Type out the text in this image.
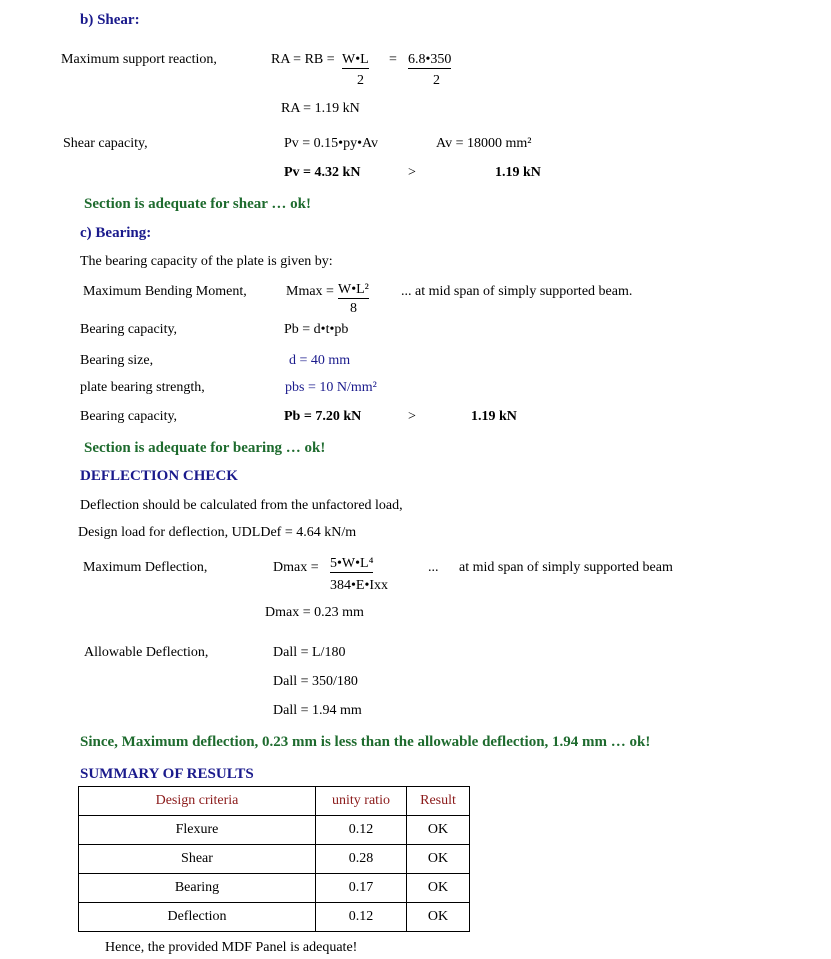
b) Shear:
Maximum support reaction,	RA = RB = W•L
2
= 6.8•350
2
RA = 1.19 kN
Shear capacity,	Pv = 0.15•py•Av	Av = 18000 mm²
Pv = 4.32 kN	>	1.19 kN
Section is adequate for shear … ok!
c) Bearing:
The bearing capacity of the plate is given by:
Maximum Bending Moment,	Mmax = W•L²
8
... at mid span of simply supported beam.
Bearing capacity,	Pb = d•t•pb
Bearing size,	d = 40 mm
plate bearing strength,	pbs = 10 N/mm²
Bearing capacity,	Pb = 7.20 kN	>	1.19 kN
Section is adequate for bearing … ok!
DEFLECTION CHECK
Deflection should be calculated from the unfactored load,
Design load for deflection, UDLDef = 4.64 kN/m
Maximum Deflection,	Dmax = 5•W•L⁴
384•E•Ixx
... at mid span of simply supported beam
Dmax = 0.23 mm
Allowable Deflection,	Dall = L/180
Dall = 350/180
Dall = 1.94 mm
Since, Maximum deflection, 0.23 mm is less than the allowable deflection, 1.94 mm … ok!
SUMMARY OF RESULTS
Design criteria	unity ratio	Result
Flexure	0.12	OK
Shear	0.28	OK
Bearing	0.17	OK
Deflection	0.12	OK
Hence, the provided MDF Panel is adequate!
